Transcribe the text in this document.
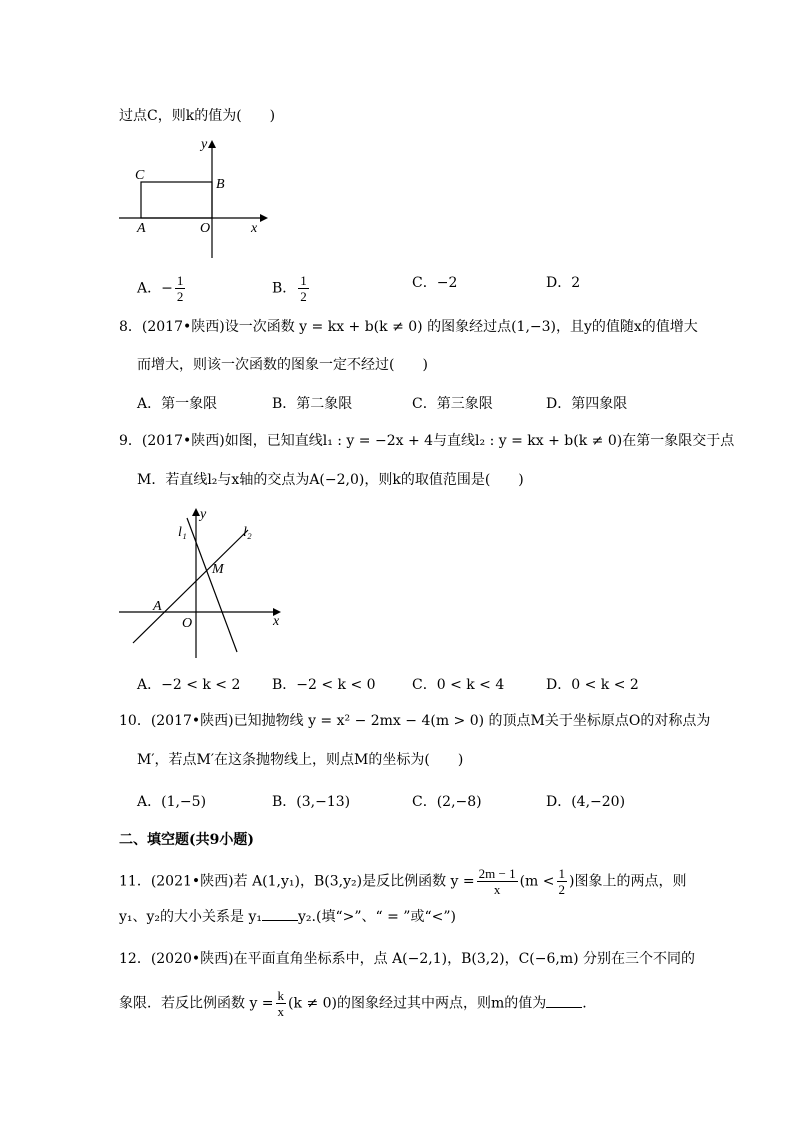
过点C，则k的值为(　　)
y
x
C
B
A	O
A．− $\frac{1}{2}$	B． $\frac{1}{2}$	C．−2	D．2
8．(2017•陕西)设一次函数 y = kx + b(k ≠ 0) 的图象经过点(1,−3)，且y的值随x的值增大
而增大，则该一次函数的图象一定不经过(　　)
A．第一象限	B．第二象限	C．第三象限	D．第四象限
9．(2017•陕西)如图，已知直线l₁ : y = −2x + 4与直线l₂ : y = kx + b(k ≠ 0)在第一象限交于点
M．若直线l₂与x轴的交点为A(−2,0)，则k的取值范围是(　　)
y
x
l₁	l₂
M
A
O
A．−2 < k < 2 B．−2 < k < 0	C．0 < k < 4	D．0 < k < 2
10．(2017•陕西)已知抛物线 y = x² − 2mx − 4(m > 0) 的顶点M关于坐标原点O的对称点为
M′，若点M′在这条抛物线上，则点M的坐标为(　　)
A．(1,−5)	B．(3,−13)	C．(2,−8)	D．(4,−20)
二、填空题(共9小题)
11．(2021•陕西)若 A(1,y₁)，B(3,y₂)是反比例函数 $y = \frac{2m - 1}{x} (m < \frac{1}{2}$ )图象上的两点，则
y₁、y₂的大小关系是 y₁	y₂.(填“>”、“ = ”或“<”)
12．(2020•陕西)在平面直角坐标系中，点 A(−2,1)，B(3,2)，C(−6,m) 分别在三个不同的
象限．若反比例函数 $y = \frac{k}{x} (k \ne 0)$的图象经过其中两点，则m的值为	.
